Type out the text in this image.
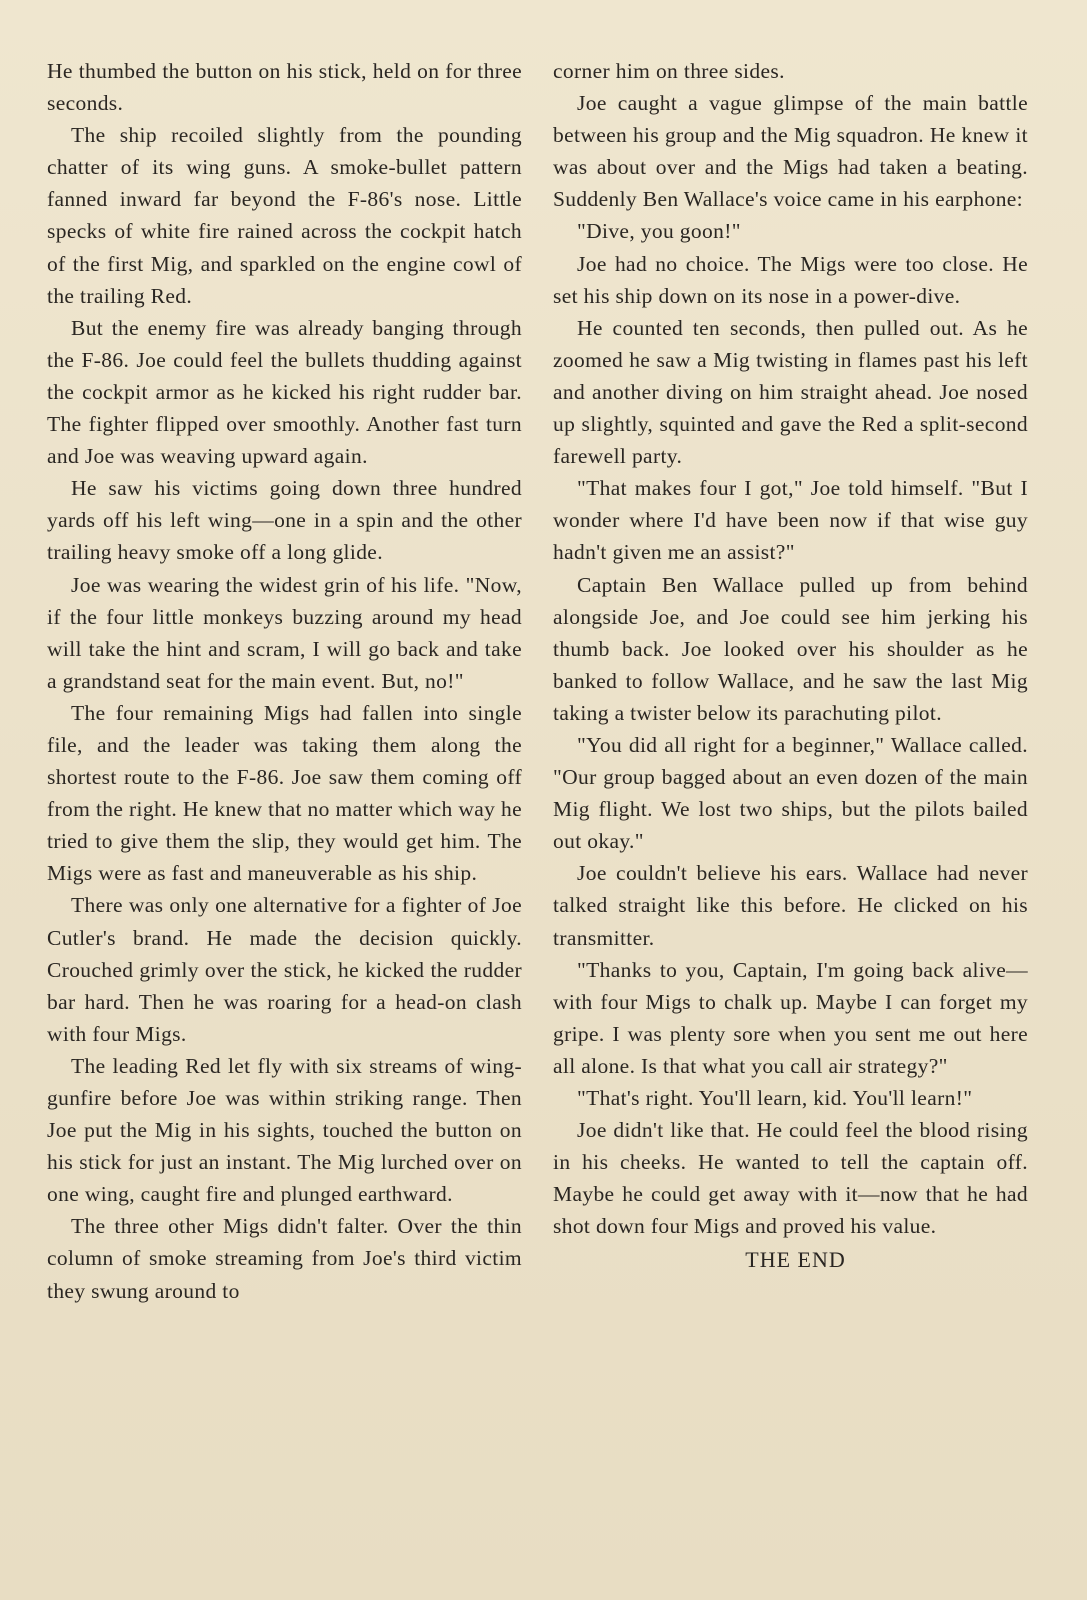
He thumbed the button on his stick, held on for three seconds.

The ship recoiled slightly from the pounding chatter of its wing guns. A smoke-bullet pattern fanned inward far beyond the F-86's nose. Little specks of white fire rained across the cockpit hatch of the first Mig, and sparkled on the engine cowl of the trailing Red.

But the enemy fire was already banging through the F-86. Joe could feel the bullets thudding against the cockpit armor as he kicked his right rudder bar. The fighter flipped over smoothly. Another fast turn and Joe was weaving upward again.

He saw his victims going down three hundred yards off his left wing—one in a spin and the other trailing heavy smoke off a long glide.

Joe was wearing the widest grin of his life. "Now, if the four little monkeys buzzing around my head will take the hint and scram, I will go back and take a grandstand seat for the main event. But, no!"

The four remaining Migs had fallen into single file, and the leader was taking them along the shortest route to the F-86. Joe saw them coming off from the right. He knew that no matter which way he tried to give them the slip, they would get him. The Migs were as fast and maneuverable as his ship.

There was only one alternative for a fighter of Joe Cutler's brand. He made the decision quickly. Crouched grimly over the stick, he kicked the rudder bar hard. Then he was roaring for a head-on clash with four Migs.

The leading Red let fly with six streams of wing-gunfire before Joe was within striking range. Then Joe put the Mig in his sights, touched the button on his stick for just an instant. The Mig lurched over on one wing, caught fire and plunged earthward.

The three other Migs didn't falter. Over the thin column of smoke streaming from Joe's third victim they swung around to

corner him on three sides.

Joe caught a vague glimpse of the main battle between his group and the Mig squadron. He knew it was about over and the Migs had taken a beating. Suddenly Ben Wallace's voice came in his earphone:

"Dive, you goon!"

Joe had no choice. The Migs were too close. He set his ship down on its nose in a power-dive.

He counted ten seconds, then pulled out. As he zoomed he saw a Mig twisting in flames past his left and another diving on him straight ahead. Joe nosed up slightly, squinted and gave the Red a split-second farewell party.

"That makes four I got," Joe told himself. "But I wonder where I'd have been now if that wise guy hadn't given me an assist?"

Captain Ben Wallace pulled up from behind alongside Joe, and Joe could see him jerking his thumb back. Joe looked over his shoulder as he banked to follow Wallace, and he saw the last Mig taking a twister below its parachuting pilot.

"You did all right for a beginner," Wallace called. "Our group bagged about an even dozen of the main Mig flight. We lost two ships, but the pilots bailed out okay."

Joe couldn't believe his ears. Wallace had never talked straight like this before. He clicked on his transmitter.

"Thanks to you, Captain, I'm going back alive—with four Migs to chalk up. Maybe I can forget my gripe. I was plenty sore when you sent me out here all alone. Is that what you call air strategy?"

"That's right. You'll learn, kid. You'll learn!"

Joe didn't like that. He could feel the blood rising in his cheeks. He wanted to tell the captain off. Maybe he could get away with it—now that he had shot down four Migs and proved his value.

THE END
